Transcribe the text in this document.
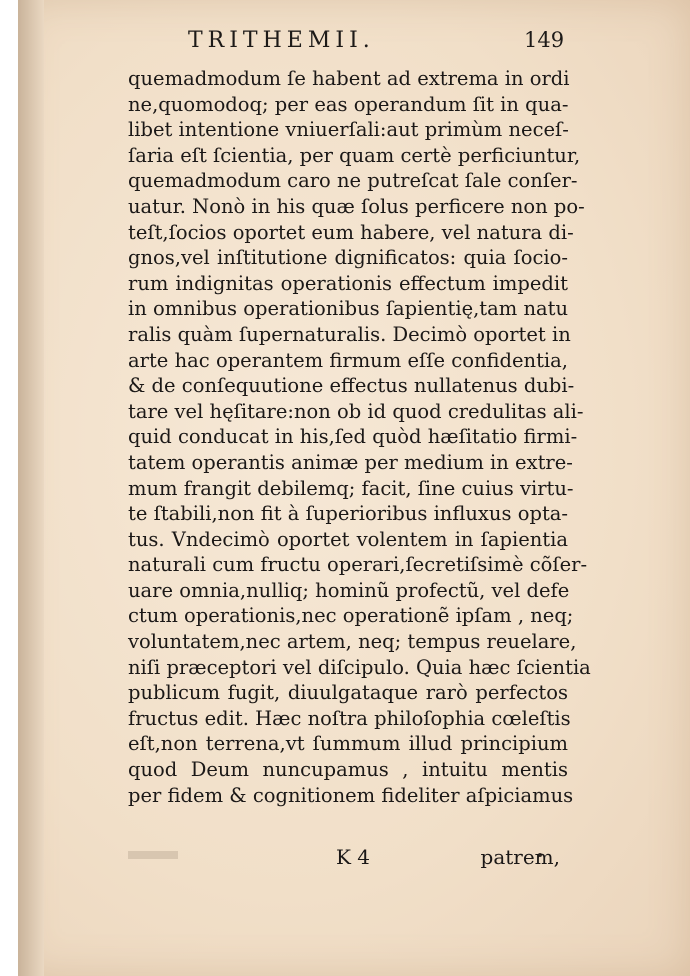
TRITHEMII.	149
quemadmodum ſe habent ad extrema in ordi
ne,quomodoq; per eas operandum ſit in qua-
libet intentione vniuerſali:aut primùm neceſ-
ſaria eſt ſcientia, per quam certè perficiuntur,
quemadmodum caro ne putreſcat ſale conſer-
uatur. Nonò in his quæ ſolus perficere non po-
teſt,ſocios oportet eum habere, vel natura di-
gnos,vel inſtitutione dignificatos: quia ſocio-
rum indignitas operationis effectum impedit
in omnibus operationibus ſapientię,tam natu
ralis quàm ſupernaturalis. Decimò oportet in
arte hac operantem firmum eſſe confidentia,
& de conſequutione effectus nullatenus dubi-
tare vel hęſitare:non ob id quod credulitas ali-
quid conducat in his,ſed quòd hæſitatio firmi-
tatem operantis animæ per medium in extre-
mum frangit debilemq; facit, ſine cuius virtu-
te ſtabili,non fit à ſuperioribus influxus opta-
tus. Vndecimò oportet volentem in ſapientia
naturali cum fructu operari,ſecretiſsimè cõſer-
uare omnia,nulliq; hominũ profectũ, vel defe
ctum operationis,nec operationẽ ipſam , neq;
voluntatem,nec artem, neq; tempus reuelare,
niſi præceptori vel diſcipulo. Quia hæc ſcientia
publicum fugit, diuulgataque rarò perfectos
fructus edit. Hæc noſtra philoſophia cœleſtis
eſt,non terrena,vt ſummum illud principium
quod Deum nuncupamus , intuitu mentis
per fidem & cognitionem fideliter aſpiciamus
K 4	patrem,
